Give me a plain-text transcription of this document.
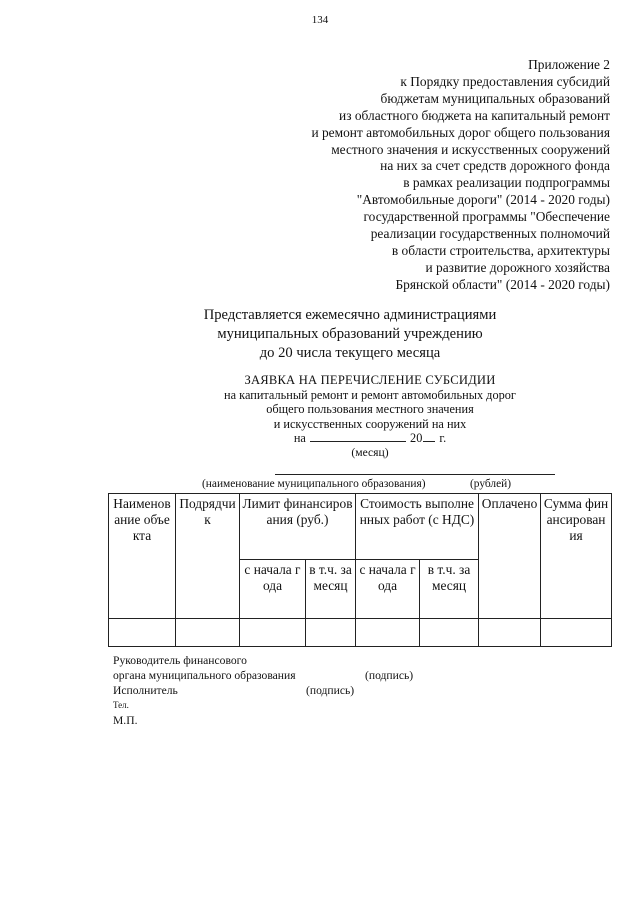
134
Приложение 2
к Порядку предоставления субсидий
бюджетам муниципальных образований
из областного бюджета на капитальный ремонт
и ремонт автомобильных дорог общего пользования
местного значения и искусственных сооружений
на них за счет средств дорожного фонда
в рамках реализации подпрограммы
"Автомобильные дороги" (2014 - 2020 годы)
государственной программы "Обеспечение
реализации государственных полномочий
в области строительства, архитектуры
и развитие дорожного хозяйства
Брянской области" (2014 - 2020 годы)
Представляется ежемесячно администрациями
муниципальных образований учреждению
до 20 числа текущего месяца
ЗАЯВКА НА ПЕРЕЧИСЛЕНИЕ СУБСИДИИ
на капитальный ремонт и ремонт автомобильных дорог
общего пользования местного значения
и искусственных сооружений на них
на	20 г.
(месяц)
(наименование муниципального образования)	(рублей)
Наименование объекта	Подрядчик	Лимит финансирования (руб.)		Стоимость выполненных работ (с НДС)		Оплачено	Сумма финансирования
		с начала года	в т.ч. за месяц	с начала года	в т.ч. за месяц		

Руководитель финансового
органа муниципального образования	(подпись)
Исполнитель	(подпись)
Тел.
М.П.
